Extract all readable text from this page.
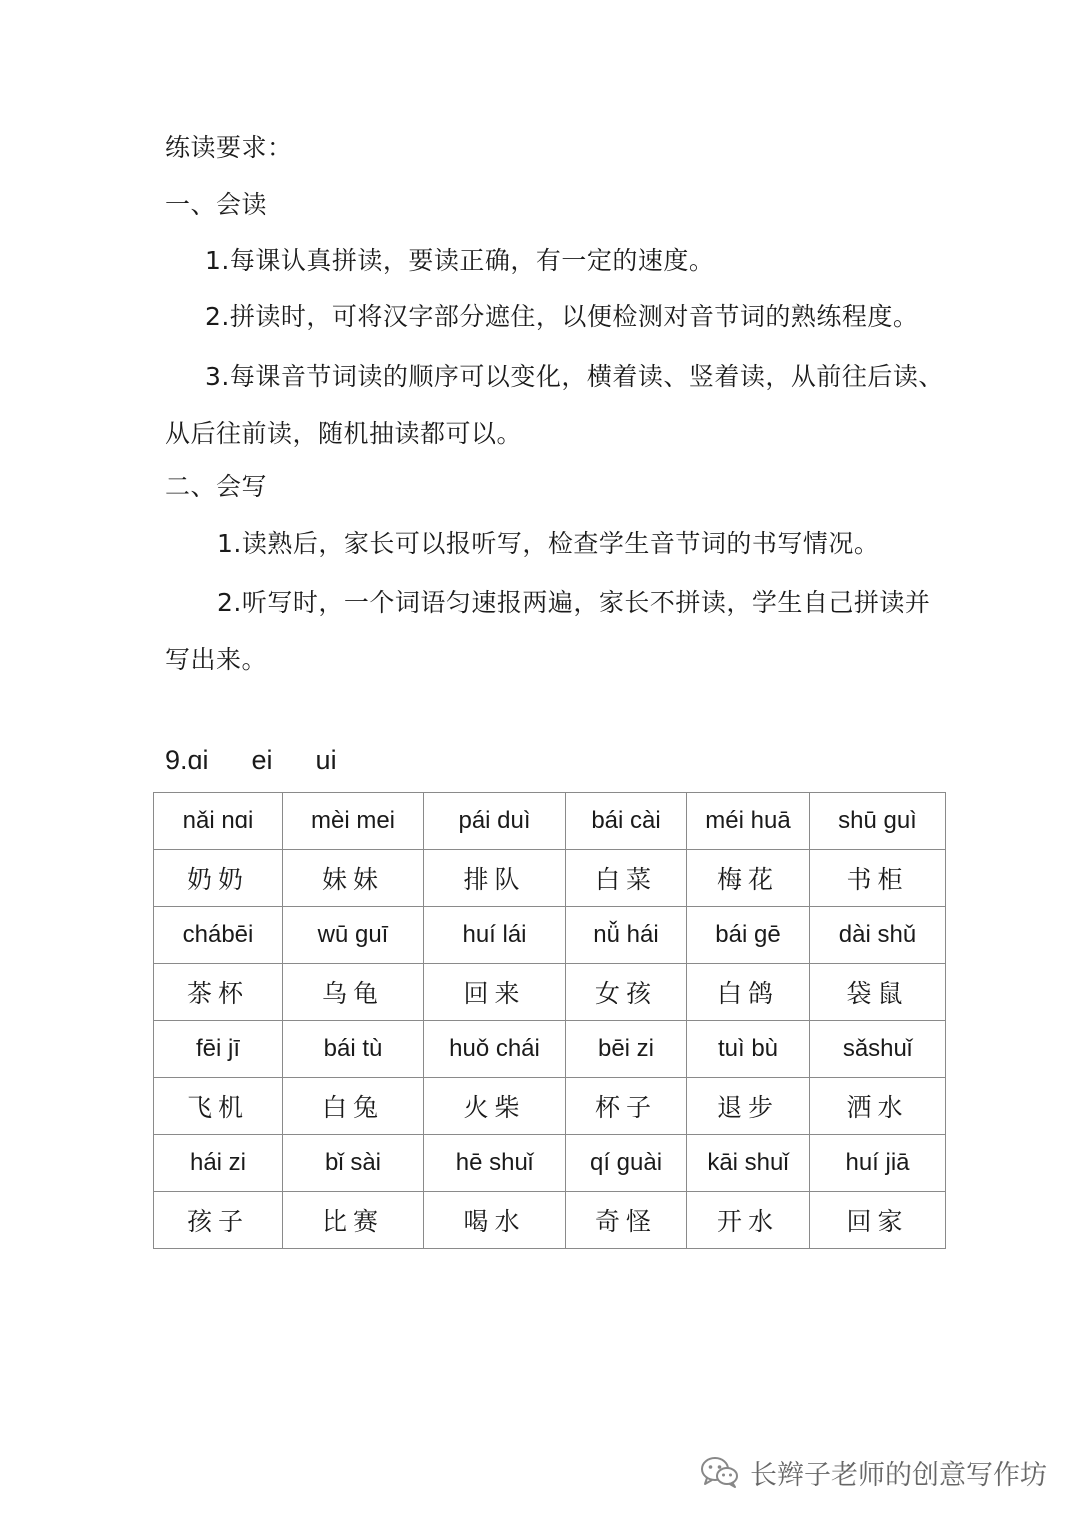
练读要求：
一、会读
1.每课认真拼读，要读正确，有一定的速度。
2.拼读时，可将汉字部分遮住，以便检测对音节词的熟练程度。
3.每课音节词读的顺序可以变化，横着读、竖着读，从前往后读、
从后往前读，随机抽读都可以。
二、会写
1.读熟后，家长可以报听写，检查学生音节词的书写情况。
2.听写时，一个词语匀速报两遍，家长不拼读，学生自己拼读并
写出来。
9.ɑi  ei  ui
nǎi nɑi	mèi mei	pái duì	bái cài	méi huā	shū guì
奶奶	妹妹	排队	白菜	梅花	书柜
chábēi	wū guī	huí lái	nǚ hái	bái gē	dài shǔ
茶杯	乌龟	回来	女孩	白鸽	袋鼠
fēi jī	bái tù	huǒ chái	bēi zi	tuì bù	sǎshuǐ
飞机	白兔	火柴	杯子	退步	洒水
hái zi	bǐ sài	hē shuǐ	qí guài	kāi shuǐ	huí jiā
孩子	比赛	喝水	奇怪	开水	回家
长辫子老师的创意写作坊
